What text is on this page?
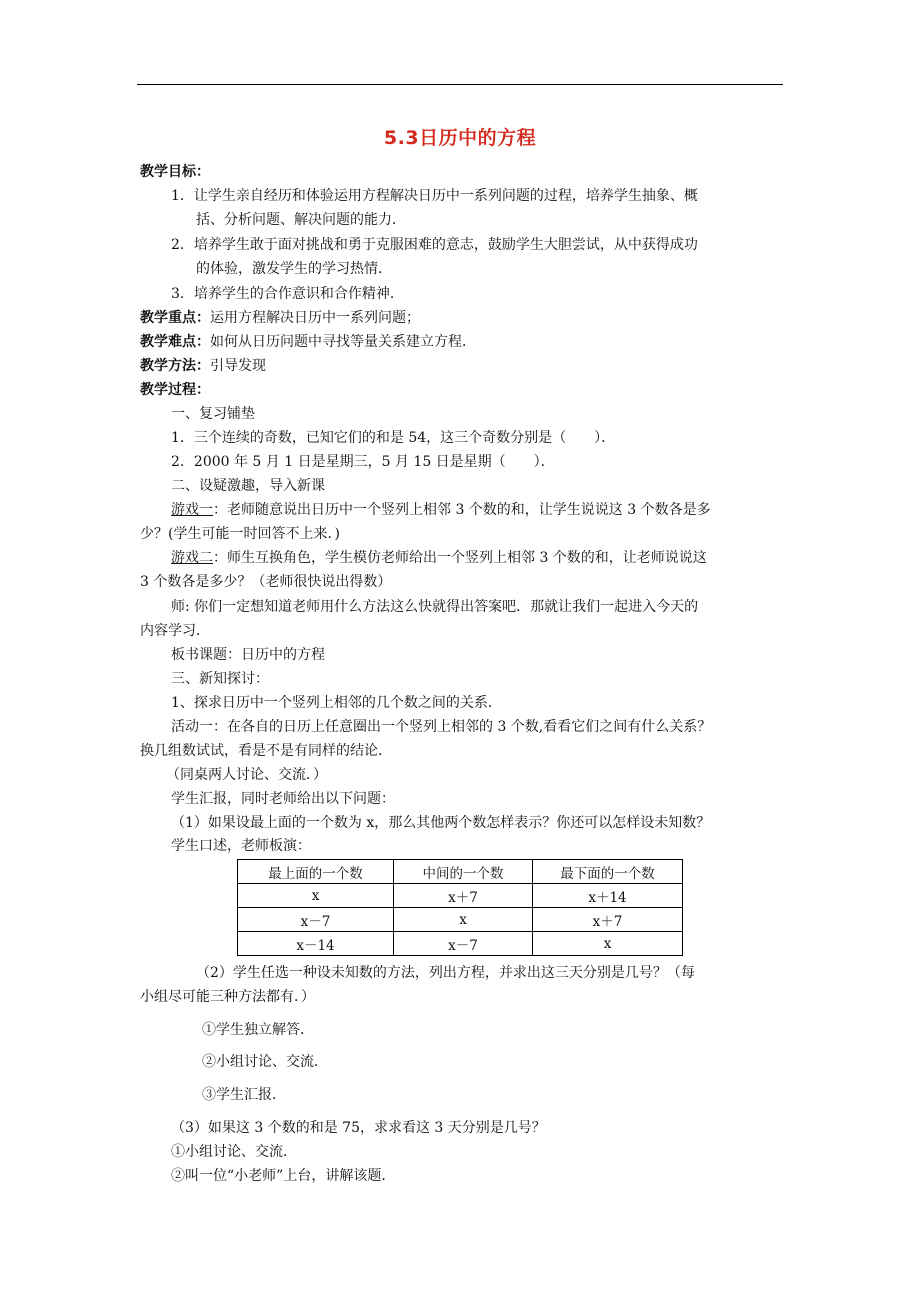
5.3日历中的方程
教学目标：
1．让学生亲自经历和体验运用方程解决日历中一系列问题的过程，培养学生抽象、概
括、分析问题、解决问题的能力．
2．培养学生敢于面对挑战和勇于克服困难的意志，鼓励学生大胆尝试，从中获得成功
的体验，激发学生的学习热情．
3．培养学生的合作意识和合作精神．
教学重点：运用方程解决日历中一系列问题；
教学难点：如何从日历问题中寻找等量关系建立方程．
教学方法：引导发现
教学过程：
一、复习铺垫
1．三个连续的奇数，已知它们的和是 54，这三个奇数分别是（　　）．
2．2000 年 5 月 1 日是星期三，5 月 15 日是星期（　　）．
二、设疑激趣，导入新课
游戏一：老师随意说出日历中一个竖列上相邻 3 个数的和，让学生说说这 3 个数各是多
少？(学生可能一时回答不上来．)
游戏二：师生互换角色，学生模仿老师给出一个竖列上相邻 3 个数的和，让老师说说这
3 个数各是多少？（老师很快说出得数）
师: 你们一定想知道老师用什么方法这么快就得出答案吧．那就让我们一起进入今天的
内容学习．
板书课题：日历中的方程
三、新知探讨：
1、探求日历中一个竖列上相邻的几个数之间的关系．
活动一：在各自的日历上任意圈出一个竖列上相邻的 3 个数,看看它们之间有什么关系？
换几组数试试，看是不是有同样的结论．
（同桌两人讨论、交流．）
学生汇报，同时老师给出以下问题：
（1）如果设最上面的一个数为 x，那么其他两个数怎样表示？你还可以怎样设未知数？
学生口述，老师板演：
最上面的一个数	中间的一个数	最下面的一个数
x	x＋7	x＋14
x－7	x	x＋7
x－14	x－7	x
（2）学生任选一种设未知数的方法，列出方程，并求出这三天分别是几号？（每
小组尽可能三种方法都有．）
①学生独立解答．
②小组讨论、交流．
③学生汇报．
（3）如果这 3 个数的和是 75，求求看这 3 天分别是几号？
①小组讨论、交流．
②叫一位“小老师”上台，讲解该题．
